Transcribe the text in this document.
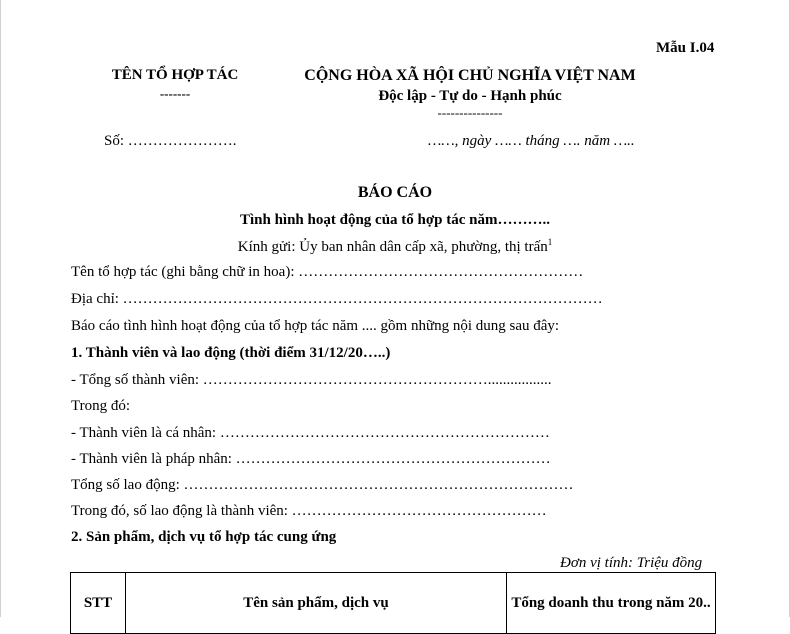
Mẫu I.04
TÊN TỔ HỢP TÁC
-------
CỘNG HÒA XÃ HỘI CHỦ NGHĨA VIỆT NAM
Độc lập - Tự do - Hạnh phúc
---------------
Số: ………………….	……, ngày …… tháng …. năm …..
BÁO CÁO
Tình hình hoạt động của tổ hợp tác năm………..
Kính gửi: Ủy ban nhân dân cấp xã, phường, thị trấn$^1$
Tên tổ hợp tác (ghi bằng chữ in hoa): …………………………………………………
Địa chỉ: ……………………………………………………………………………………
Báo cáo tình hình hoạt động của tổ hợp tác năm .... gồm những nội dung sau đây:
1. Thành viên và lao động (thời điểm 31/12/20…..)
- Tổng số thành viên: ………………………………………………….................
Trong đó:
- Thành viên là cá nhân: …………………………………………………………
- Thành viên là pháp nhân: ………………………………………………………
Tổng số lao động: ……………………………………………………………………
Trong đó, số lao động là thành viên: ……………………………………………
2. Sản phẩm, dịch vụ tổ hợp tác cung ứng
Đơn vị tính: Triệu đồng
STT	Tên sản phẩm, dịch vụ	Tổng doanh thu trong năm 20..
